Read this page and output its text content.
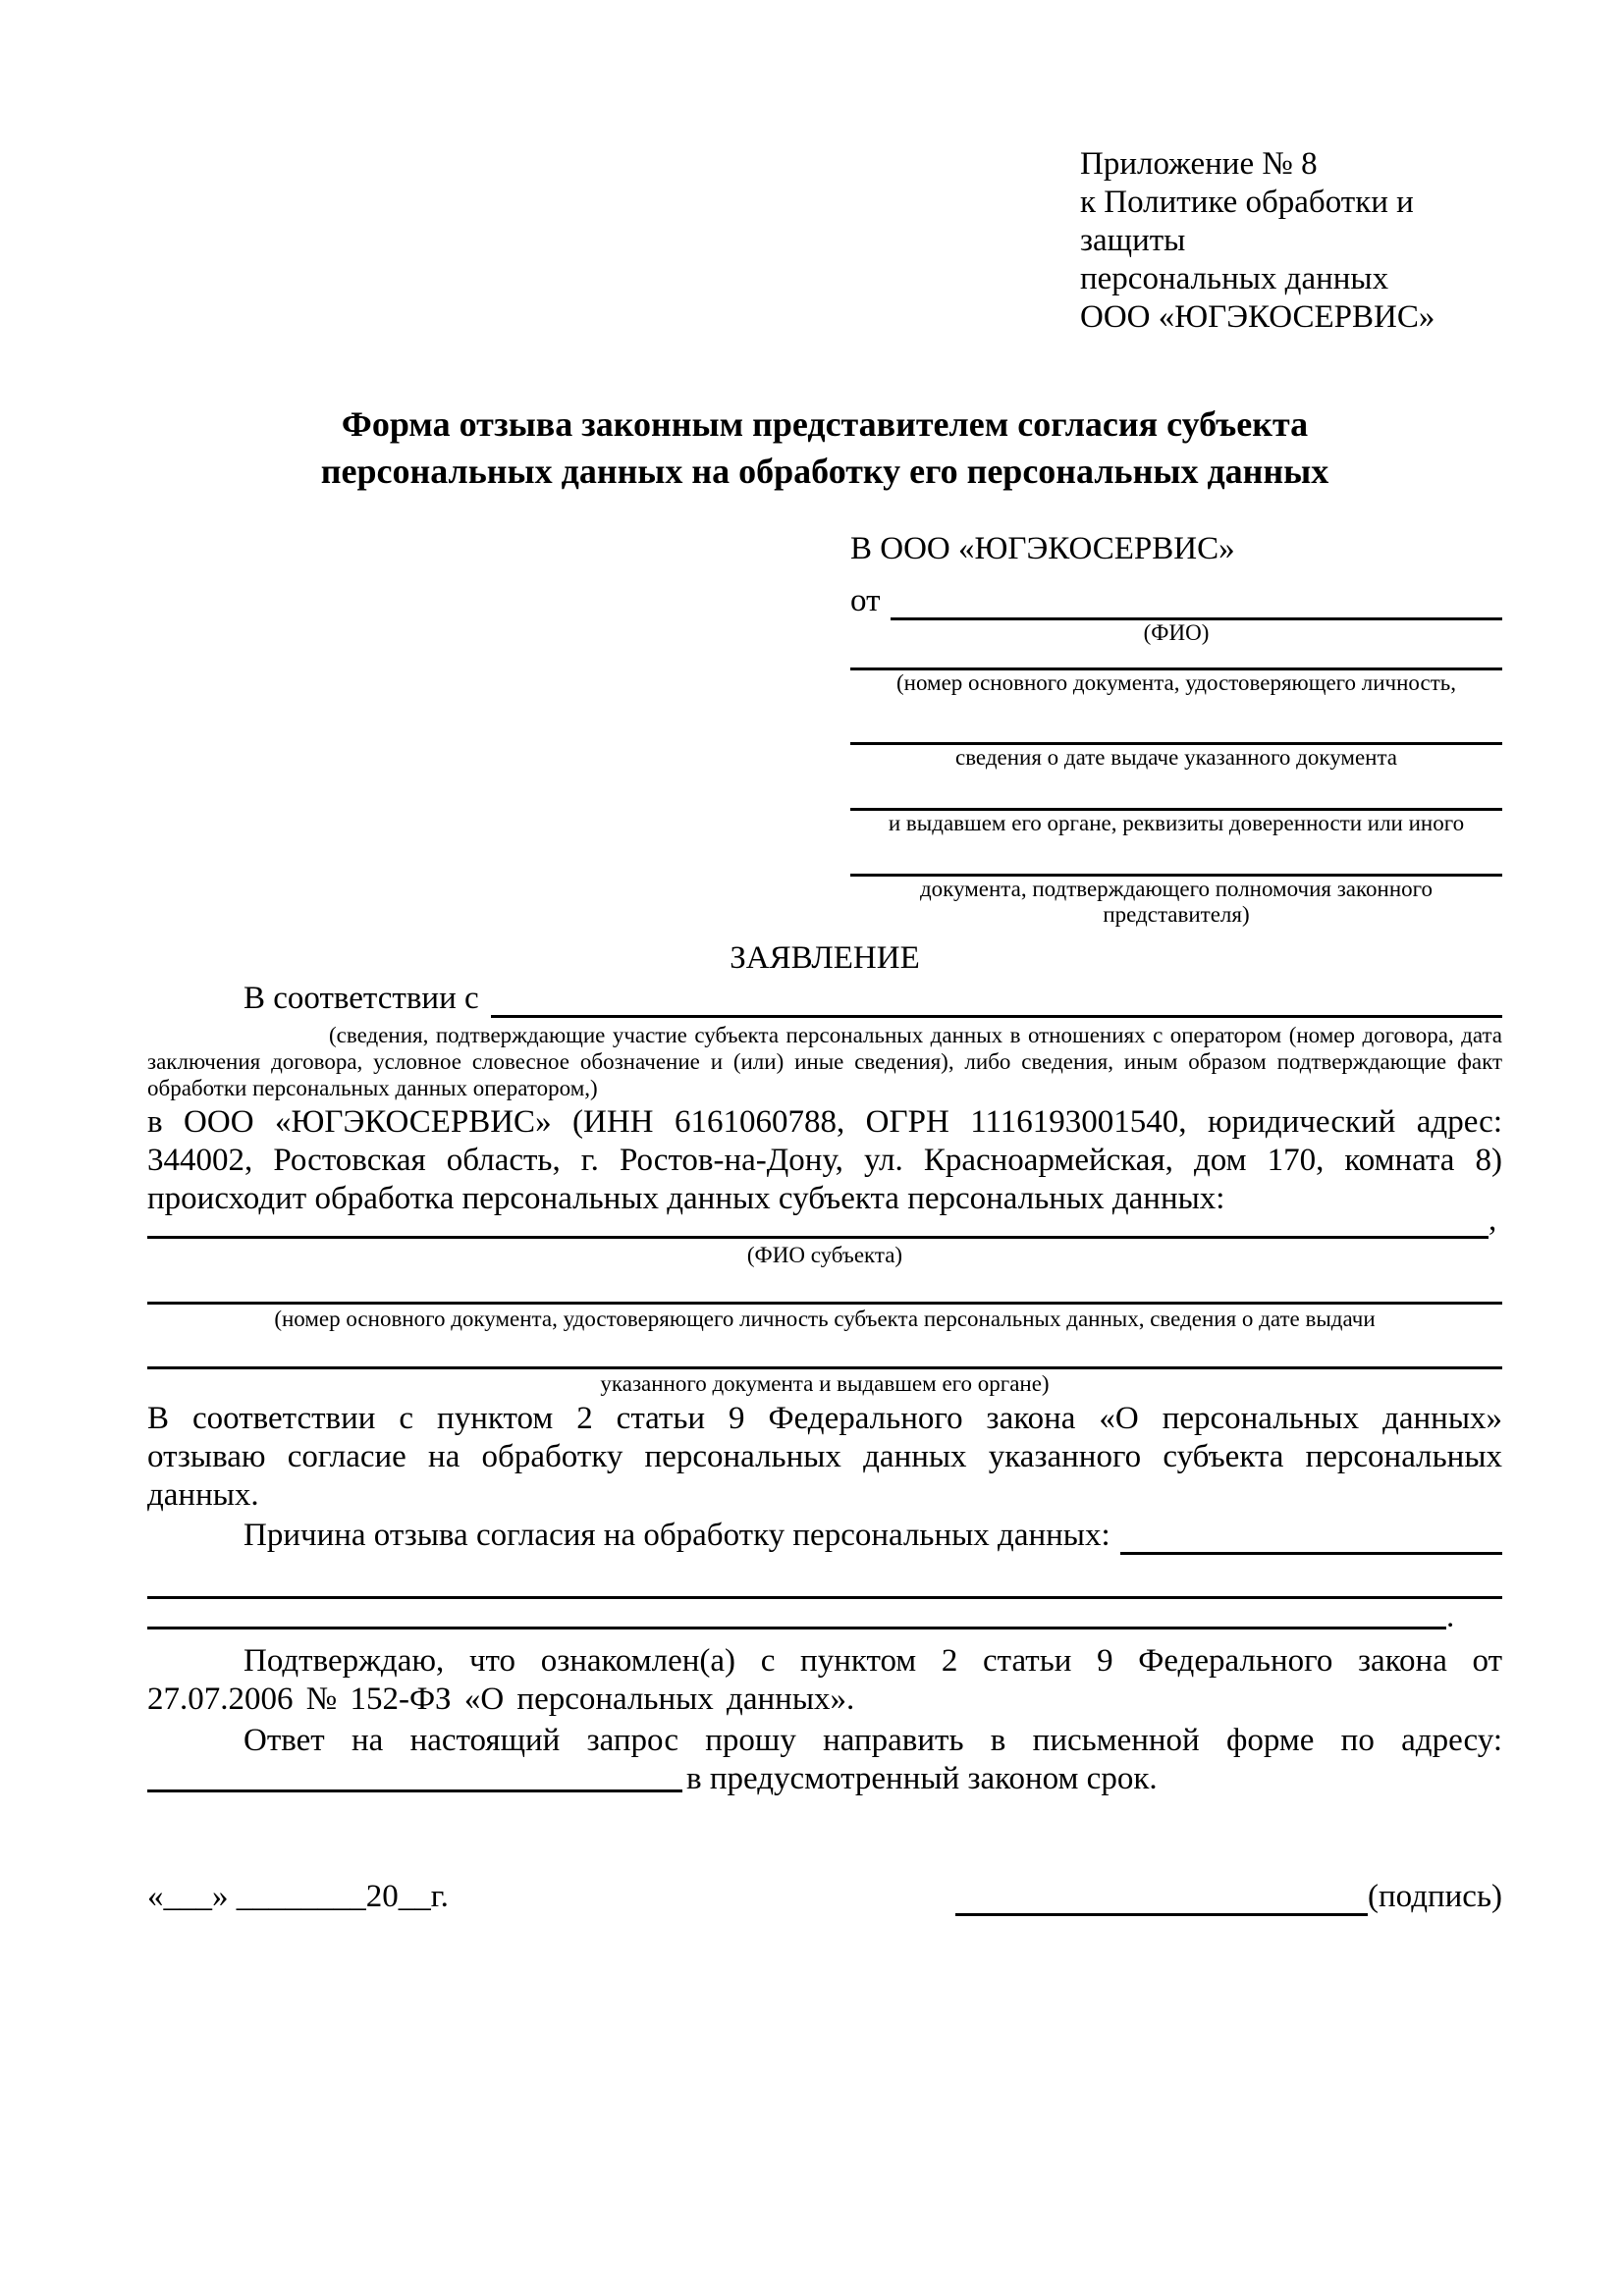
Приложение № 8
к Политике обработки и защиты
персональных данных
ООО «ЮГЭКОСЕРВИС»
Форма отзыва законным представителем согласия субъекта
персональных данных на обработку его персональных данных
В ООО «ЮГЭКОСЕРВИС»
от
(ФИО)
(номер основного документа, удостоверяющего личность,
сведения о дате выдаче указанного документа
и выдавшем его органе, реквизиты доверенности или иного
документа, подтверждающего полномочия законного представителя)
ЗАЯВЛЕНИЕ
В соответствии с
(сведения, подтверждающие участие субъекта персональных данных в отношениях с оператором (номер договора, дата заключения договора, условное словесное обозначение и (или) иные сведения), либо сведения, иным образом подтверждающие факт обработки персональных данных оператором,)
в ООО «ЮГЭКОСЕРВИС» (ИНН 6161060788, ОГРН 1116193001540, юридический адрес: 344002, Ростовская область, г. Ростов-на-Дону, ул. Красноармейская, дом 170, комната 8) происходит обработка персональных данных субъекта персональных данных:
,
(ФИО субъекта)
(номер основного документа, удостоверяющего личность субъекта персональных данных, сведения о дате выдачи
указанного документа и выдавшем его органе)
В соответствии с пунктом 2 статьи 9 Федерального закона «О персональных данных» отзываю согласие на обработку персональных данных указанного субъекта персональных данных.
Причина отзыва согласия на обработку персональных данных:
.
Подтверждаю, что ознакомлен(а) с пунктом 2 статьи 9 Федерального закона от 27.07.2006 № 152-ФЗ «О персональных данных».
Ответ на настоящий запрос прошу направить в письменной форме по адресу:
в предусмотренный законом срок.
«___» ________20__г.	(подпись)
